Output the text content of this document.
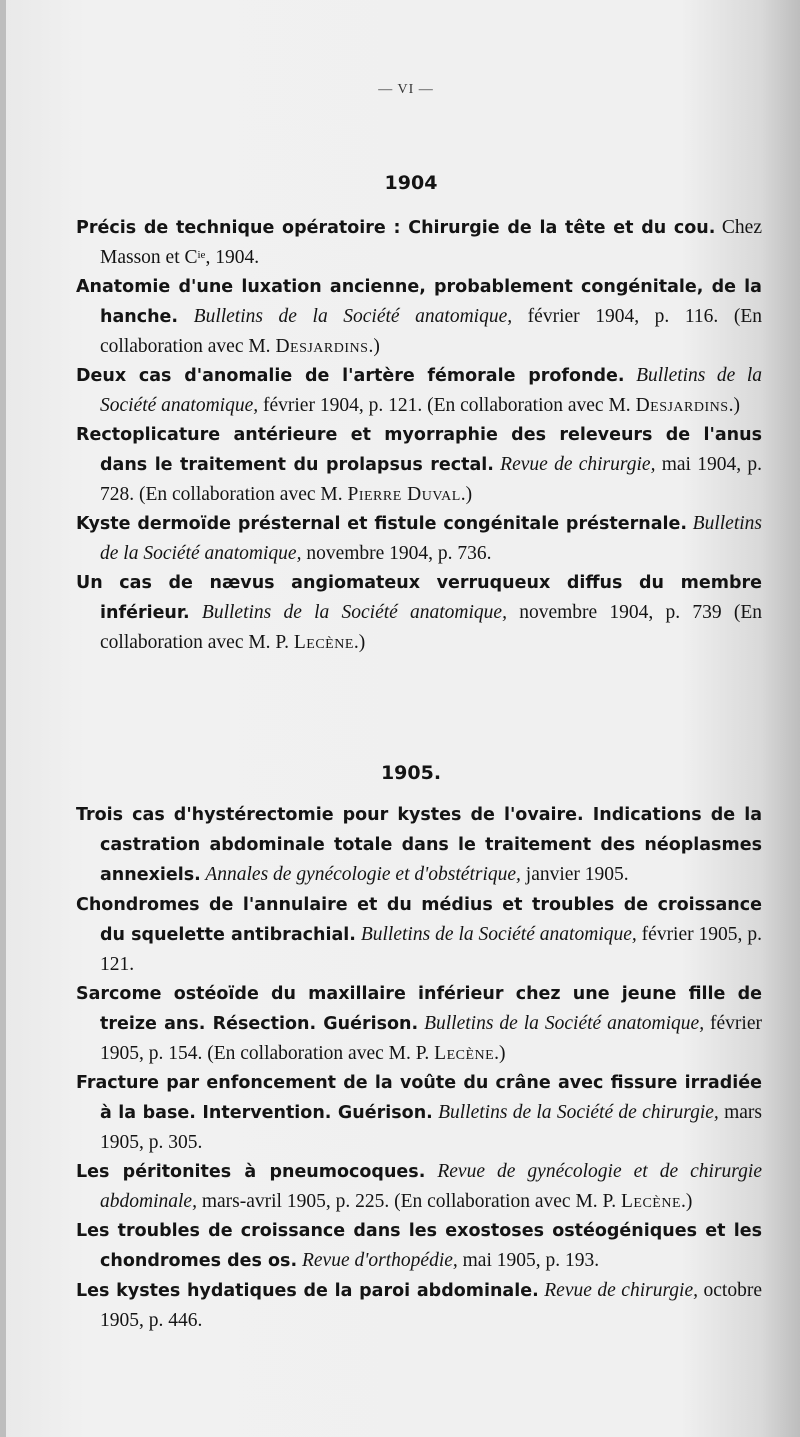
— VI —
1904
Précis de technique opératoire : Chirurgie de la tête et du cou. Chez Masson et $C^{ie}$, 1904.
Anatomie d'une luxation ancienne, probablement congénitale, de la hanche. Bulletins de la Société anatomique, février 1904, p. 116. (En collaboration avec M. Desjardins.)
Deux cas d'anomalie de l'artère fémorale profonde. Bulletins de la Société anatomique, février 1904, p. 121. (En collaboration avec M. Desjardins.)
Rectoplicature antérieure et myorraphie des releveurs de l'anus dans le traitement du prolapsus rectal. Revue de chirurgie, mai 1904, p. 728. (En collaboration avec M. Pierre Duval.)
Kyste dermoïde présternal et fistule congénitale présternale. Bulletins de la Société anatomique, novembre 1904, p. 736.
Un cas de nævus angiomateux verruqueux diffus du membre inférieur. Bulletins de la Société anatomique, novembre 1904, p. 739 (En collaboration avec M. P. Lecène.)
1905.
Trois cas d'hystérectomie pour kystes de l'ovaire. Indications de la castration abdominale totale dans le traitement des néoplasmes annexiels. Annales de gynécologie et d'obstétrique, janvier 1905.
Chondromes de l'annulaire et du médius et troubles de croissance du squelette antibrachial. Bulletins de la Société anatomique, février 1905, p. 121.
Sarcome ostéoïde du maxillaire inférieur chez une jeune fille de treize ans. Résection. Guérison. Bulletins de la Société anatomique, février 1905, p. 154. (En collaboration avec M. P. Lecène.)
Fracture par enfoncement de la voûte du crâne avec fissure irradiée à la base. Intervention. Guérison. Bulletins de la Société de chirurgie, mars 1905, p. 305.
Les péritonites à pneumocoques. Revue de gynécologie et de chirurgie abdominale, mars-avril 1905, p. 225. (En collaboration avec M. P. Lecène.)
Les troubles de croissance dans les exostoses ostéogéniques et les chondromes des os. Revue d'orthopédie, mai 1905, p. 193.
Les kystes hydatiques de la paroi abdominale. Revue de chirurgie, octobre 1905, p. 446.
